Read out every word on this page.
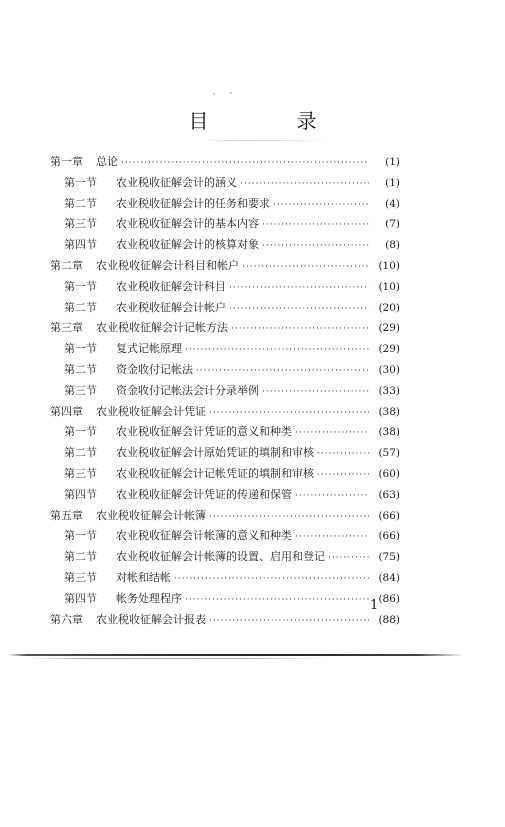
目　录
第一章 总论 ·····	(1)
第一节 农业税收征解会计的涵义 ·····	(1)
第二节 农业税收征解会计的任务和要求 ·····	(4)
第三节 农业税收征解会计的基本内容 ·····	(7)
第四节 农业税收征解会计的核算对象 ·····	(8)
第二章 农业税收征解会计科目和帐户 ·····	(10)
第一节 农业税收征解会计科目 ·····	(10)
第二节 农业税收征解会计帐户 ·····	(20)
第三章 农业税收征解会计记帐方法 ·····	(29)
第一节 复式记帐原理 ·····	(29)
第二节 资金收付记帐法 ·····	(30)
第三节 资金收付记帐法会计分录举例 ·····	(33)
第四章 农业税收征解会计凭证 ·····	(38)
第一节 农业税收征解会计凭证的意义和种类 ·····	(38)
第二节 农业税收征解会计原始凭证的填制和审核 ·····	(57)
第三节 农业税收征解会计记帐凭证的填制和审核 ·····	(60)
第四节 农业税收征解会计凭证的传递和保管 ·····	(63)
第五章 农业税收征解会计帐簿 ·····	(66)
第一节 农业税收征解会计帐簿的意义和种类 ·····	(66)
第二节 农业税收征解会计帐簿的设置、启用和登记 ·····	(75)
第三节 对帐和结帐 ·····	(84)
第四节 帐务处理程序 ·····	(86)
第六章 农业税收征解会计报表 ·····	(88)
1
